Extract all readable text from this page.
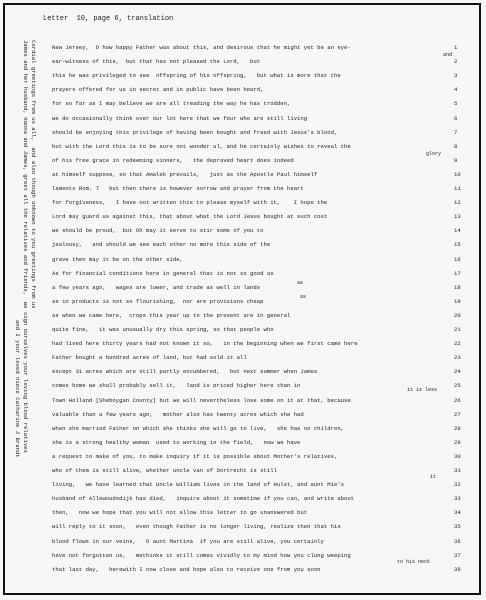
Letter  10, page 6, translation
New Jersey,  O how happy Father was about this, and desirous that he might yet be an eye-
ear-witness of this,  but that has not pleased the Lord,   but
this he was privileged to see  offspring of his offspring,   but what is more that the
prayers offered for us in secret and in public have been heard,
for so far as I may believe we are all treading the way he has trodden,
we do occasionally think over our lot here that we four who are still living
should be enjoying this privilege of having been bought and freed with Jesus's blood,
but with the Lord this is to be sure not wonder ul, and he certainly wishes to reveal the
of his free grace in redeeming sinners,   the depraved heart does indeed
at himself suppose, so that Amalek prevails,   just as the Apostle Paul himself
laments Rom. 7   but then there is however sorrow and prayer from the heart
for forgiveness,   I have not written this to please myself with it,    I hope the
Lord may guard us against this, that about what the Lord Jesus bought at such cost
we should be proud,  but Oh may it serve to stir some of you to
jealousy,   and should we see each other no more this side of the
grave then may it be on the other side,
As for financial conditions here in general that is not so good as
a few years ago,   wages are lower, and trade as well in lands
as in products is not so flourishing,  nor are provisions cheap
as when we came here,  crops this year up to the present are in general
quite fine,   it was unusually dry this spring, so that people who
had lived here thirty years had not known it so,   in the beginning when we first came here
Father bought a hundred acres of land, but had sold it all
except 31 acres which are still partly encumbered,   but next summer when James
comes home we shall probably sell it,   land is priced higher here than in
Town Holland [Sheboygan County] but we will nevertheless lose some on it at that, because
valuable than a few years ago,   mother also has twenty acres which she had
when she married Father on which she thinks she will go to live,   she has no children,
she is a strong healthy woman  used to working in the field,   now we have
a request to make of you, to make inquiry if it is possible about Mother's relatives,
who of them is still alive, whether uncle van of Dortrecht is still
living,   we have learned that Uncle William lives in the land of Hulst, and aunt Mie's
husband of Allewoudsdijk has died,   inquire about it sometime if you can, and write about
then,   now we hope that you will not allow this letter to go unanswered but
will reply to it soon,   even though Father is no longer living, realize then that his
blood flows in our veins,   O aunt Martina  if you are still alive, you certainly
have not forgotten us,   methinks it still comes vividly to my mind how you clung weeping
that last day,   herewith I now close and hope also to receive one from you soon
1
2
3
4
5
6
7
8
9
10
11
12
13
14
15
16
17
18
19
20
21
22
23
24
25
26
27
28
29
30
31
32
33
34
35
36
37
38
and
glory
as
as
it is less
it
to his neck
Cordial greetings from us all,  and also though unknown to you greetings from us
James and her husband, Hanna and James, greet all the relatives and friends,  we sign ourselves your loving blood relatives
and I your loved niece Catharine J Brandt
